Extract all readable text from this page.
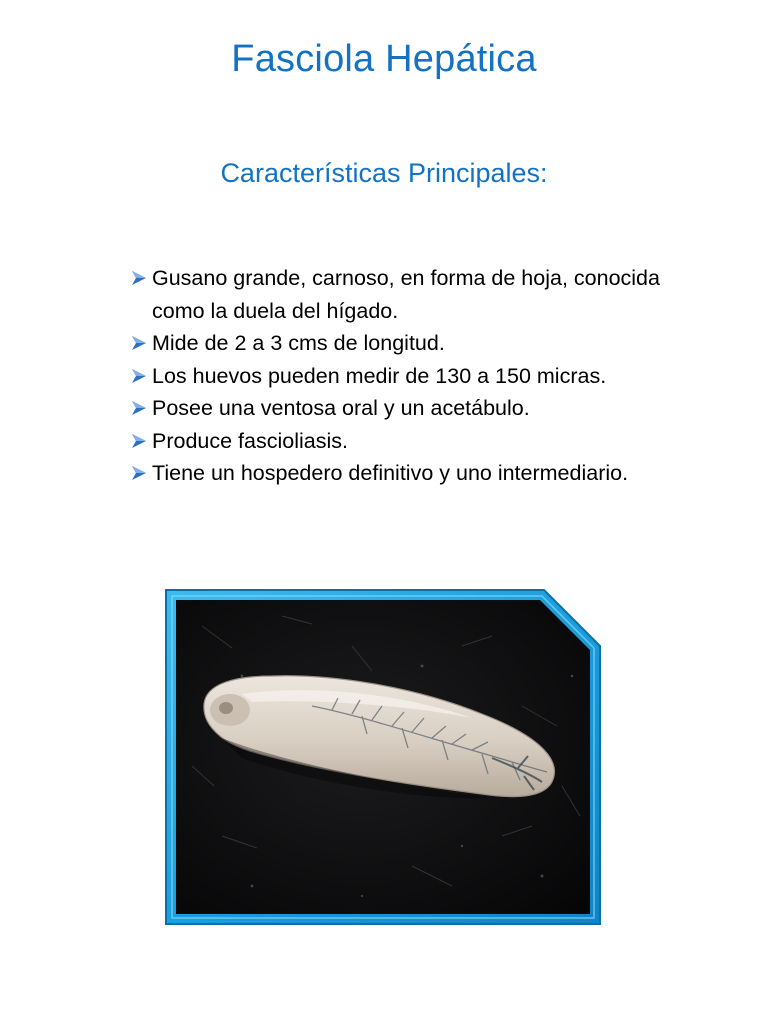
Fasciola Hepática
Características Principales:
Gusano grande, carnoso, en forma de hoja, conocida como la duela del hígado.
Mide de 2 a 3 cms de longitud.
Los huevos pueden medir de 130 a 150 micras.
Posee una ventosa oral y un acetábulo.
Produce fascioliasis.
Tiene un hospedero definitivo y uno intermediario.
